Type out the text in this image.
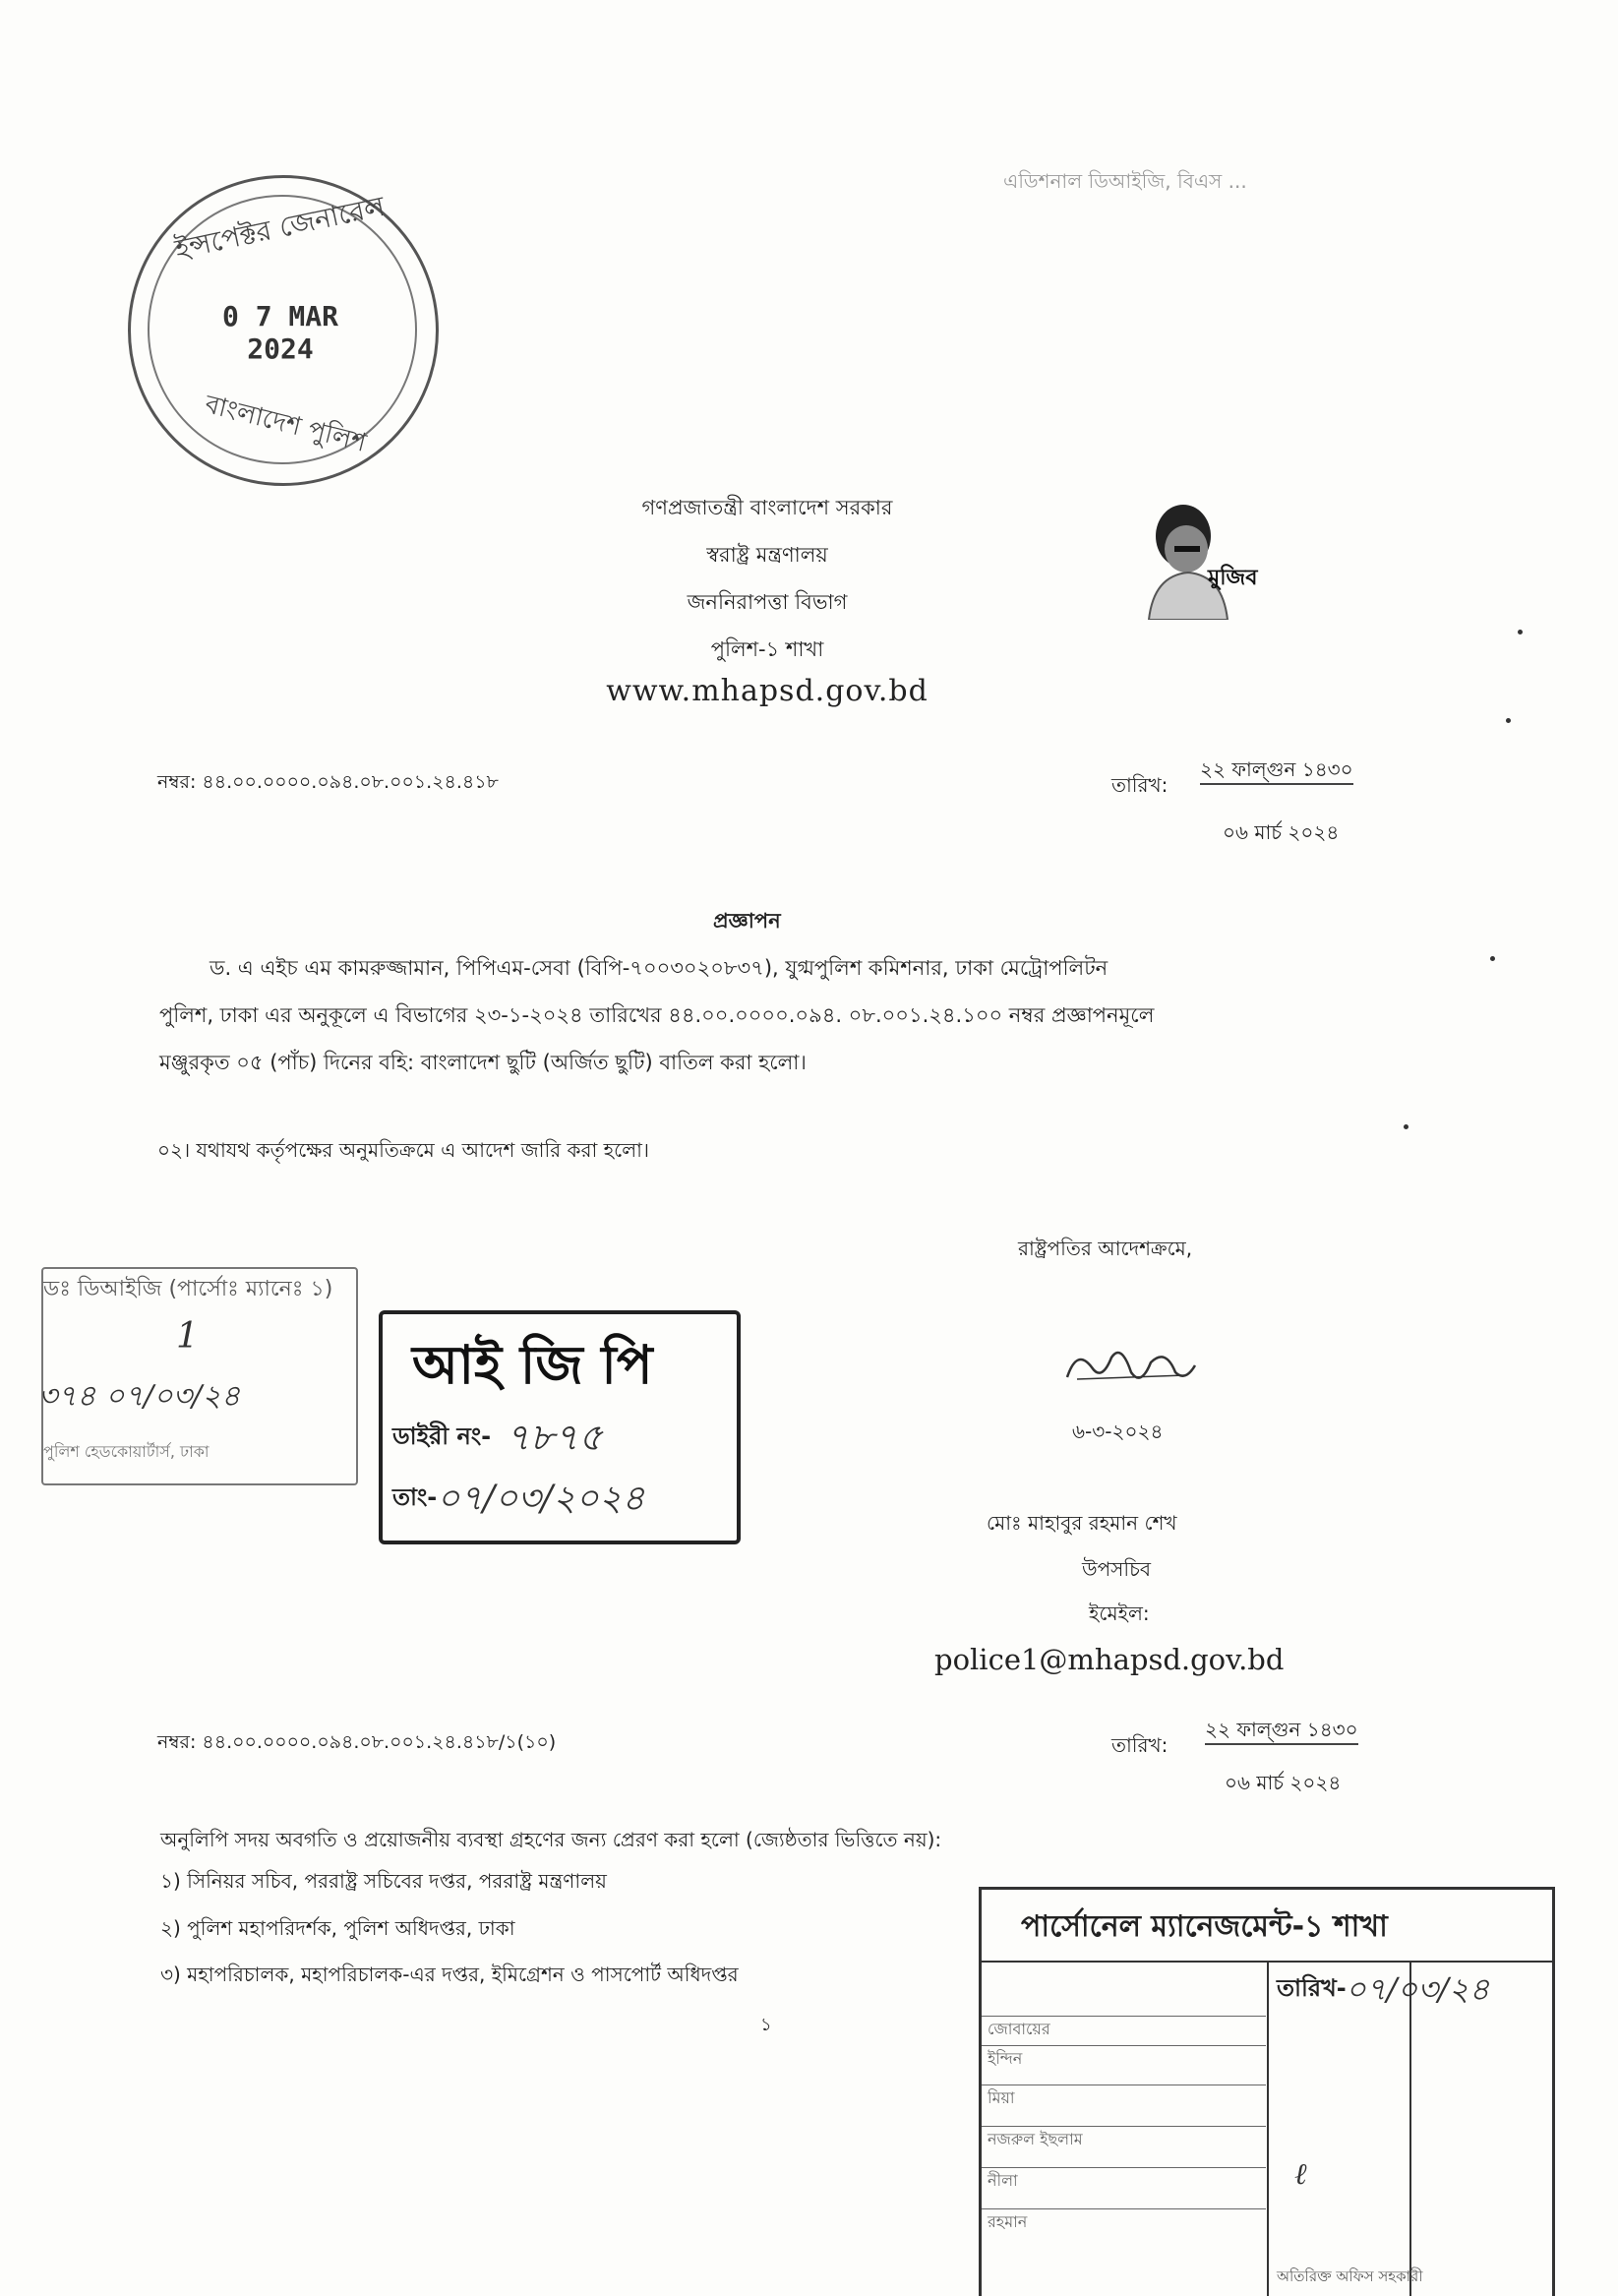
এডিশনাল ডিআইজি, বিএস ...
ইন্সপেক্টর জেনারেল
0 7 MAR 2024
বাংলাদেশ পুলিশ
গণপ্রজাতন্ত্রী বাংলাদেশ সরকার
স্বরাষ্ট্র মন্ত্রণালয়
জননিরাপত্তা বিভাগ
পুলিশ-১ শাখা
www.mhapsd.gov.bd
মুজিব
নম্বর: ৪৪.০০.০০০০.০৯৪.০৮.০০১.২৪.৪১৮	তারিখ:
২২ ফাল্গুন ১৪৩০
০৬ মার্চ ২০২৪
প্রজ্ঞাপন
ড. এ এইচ এম কামরুজ্জামান, পিপিএম-সেবা (বিপি-৭০০৩০২০৮৩৭), যুগ্মপুলিশ কমিশনার, ঢাকা মেট্রোপলিটন
পুলিশ, ঢাকা এর অনুকূলে এ বিভাগের ২৩-১-২০২৪ তারিখের ৪৪.০০.০০০০.০৯৪. ০৮.০০১.২৪.১০০ নম্বর প্রজ্ঞাপনমূলে
মঞ্জুরকৃত ০৫ (পাঁচ) দিনের বহি: বাংলাদেশ ছুটি (অর্জিত ছুটি) বাতিল করা হলো।
০২। যথাযথ কর্তৃপক্ষের অনুমতিক্রমে এ আদেশ জারি করা হলো।
রাষ্ট্রপতির আদেশক্রমে,
৬-৩-২০২৪
মোঃ মাহাবুর রহমান শেখ
উপসচিব
ইমেইল:
police1@mhapsd.gov.bd
ডঃ ডিআইজি (পার্সোঃ ম্যানেঃ ১)
1
৩৭৪ ০৭/০৩/২৪
পুলিশ হেডকোয়ার্টার্স, ঢাকা
আই জি পি
ডাইরী নং- ৭৮৭৫
তাং- ০৭/০৩/২০২৪
নম্বর: ৪৪.০০.০০০০.০৯৪.০৮.০০১.২৪.৪১৮/১(১০)	তারিখ:
২২ ফাল্গুন ১৪৩০
০৬ মার্চ ২০২৪
অনুলিপি সদয় অবগতি ও প্রয়োজনীয় ব্যবস্থা গ্রহণের জন্য প্রেরণ করা হলো (জ্যেষ্ঠতার ভিত্তিতে নয়):
১) সিনিয়র সচিব, পররাষ্ট্র সচিবের দপ্তর, পররাষ্ট্র মন্ত্রণালয়
২) পুলিশ মহাপরিদর্শক, পুলিশ অধিদপ্তর, ঢাকা
৩) মহাপরিচালক, মহাপরিচালক-এর দপ্তর, ইমিগ্রেশন ও পাসপোর্ট অধিদপ্তর
১
পার্সোনেল ম্যানেজমেন্ট-১ শাখা
তারিখ- ০৭/০৩/২৪
জোবায়ের
ইন্দিন
মিয়া
নজরুল ইছলাম
নীলা
রহমান
ℓ
অতিরিক্ত অফিস সহকারী
